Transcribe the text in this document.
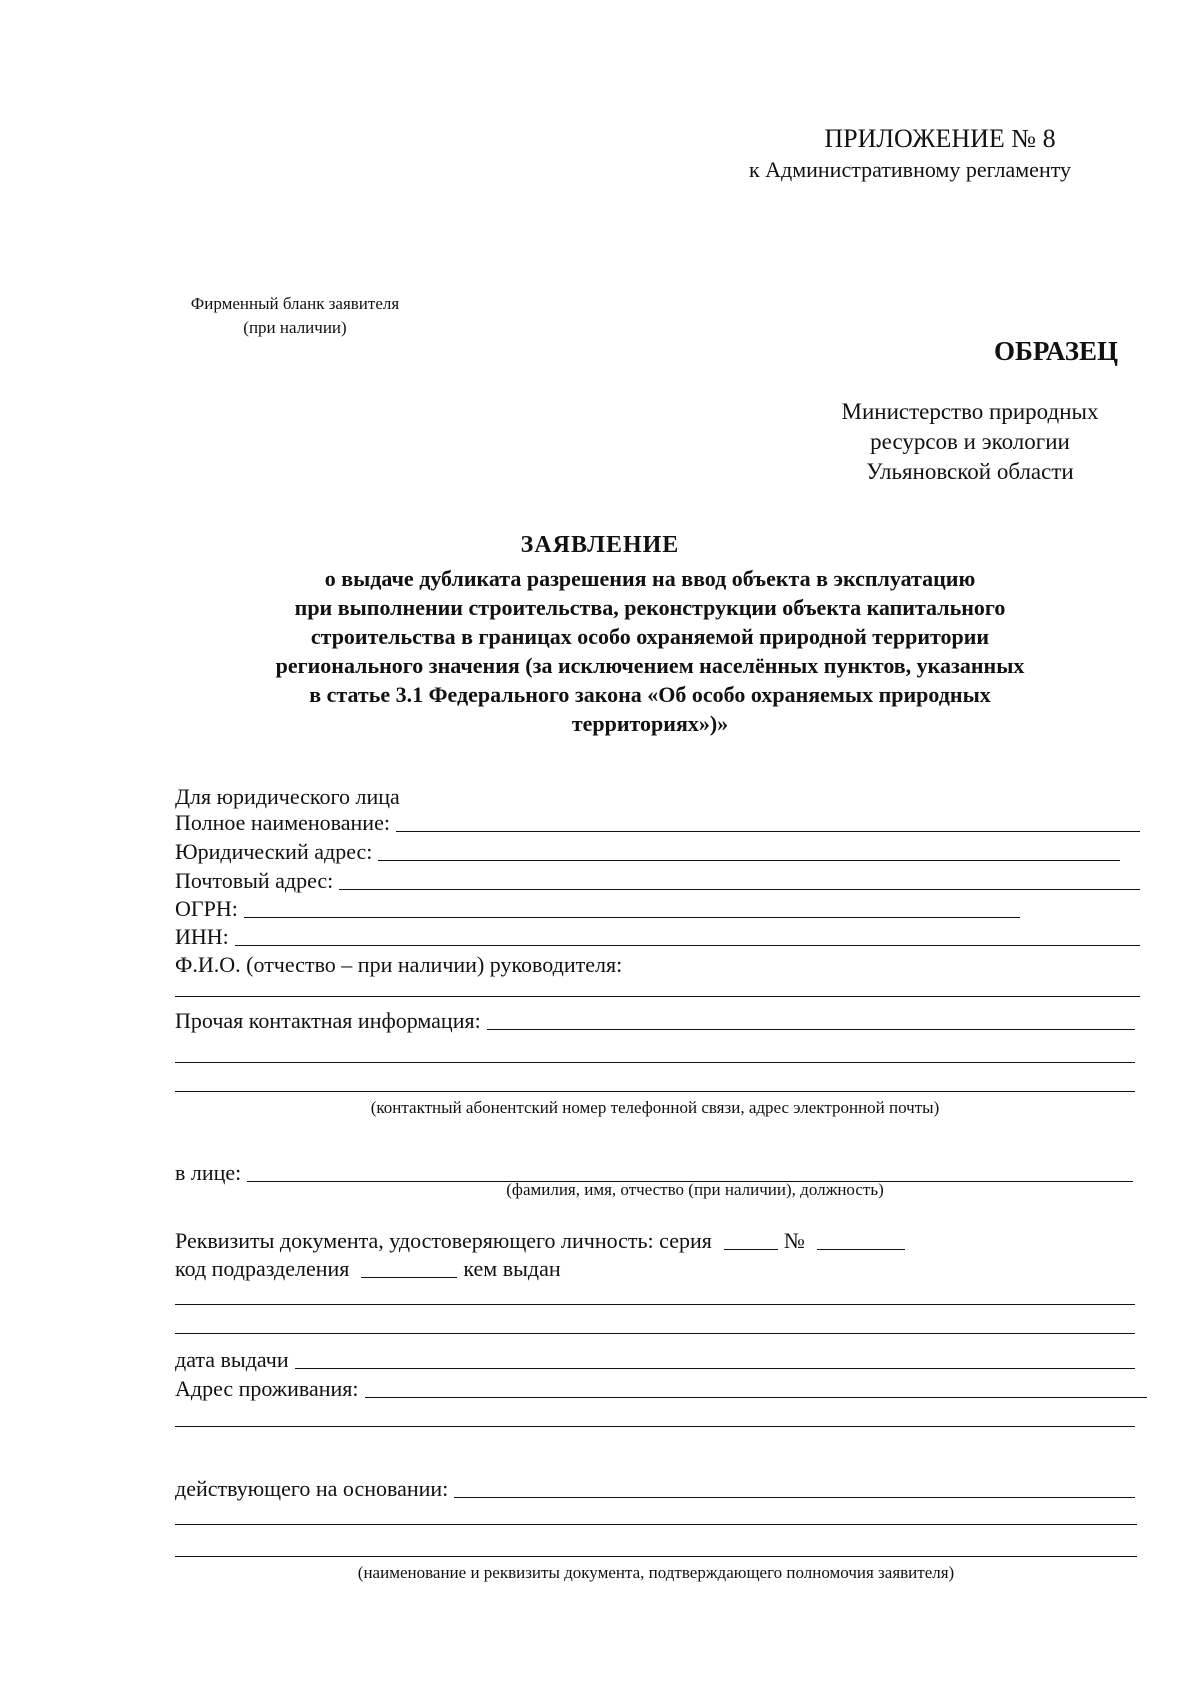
ПРИЛОЖЕНИЕ № 8
к Административному регламенту
Фирменный бланк заявителя
(при наличии)
ОБРАЗЕЦ
Министерство природных
ресурсов и экологии
Ульяновской области
ЗАЯВЛЕНИЕ
о выдаче дубликата разрешения на ввод объекта в эксплуатацию
при выполнении строительства, реконструкции объекта капитального
строительства в границах особо охраняемой природной территории
регионального значения (за исключением населённых пунктов, указанных
в статье 3.1 Федерального закона «Об особо охраняемых природных
территориях»)»
Для юридического лица
Полное наименование:
Юридический адрес:
Почтовый адрес:
ОГРН:
ИНН:
Ф.И.О. (отчество – при наличии) руководителя:
Прочая контактная информация:
(контактный абонентский номер телефонной связи, адрес электронной почты)
в лице:
(фамилия, имя, отчество (при наличии), должность)
Реквизиты документа, удостоверяющего личность: серия	№
код подразделения	кем выдан
дата выдачи
Адрес проживания:
действующего на основании:
(наименование и реквизиты документа, подтверждающего полномочия заявителя)
